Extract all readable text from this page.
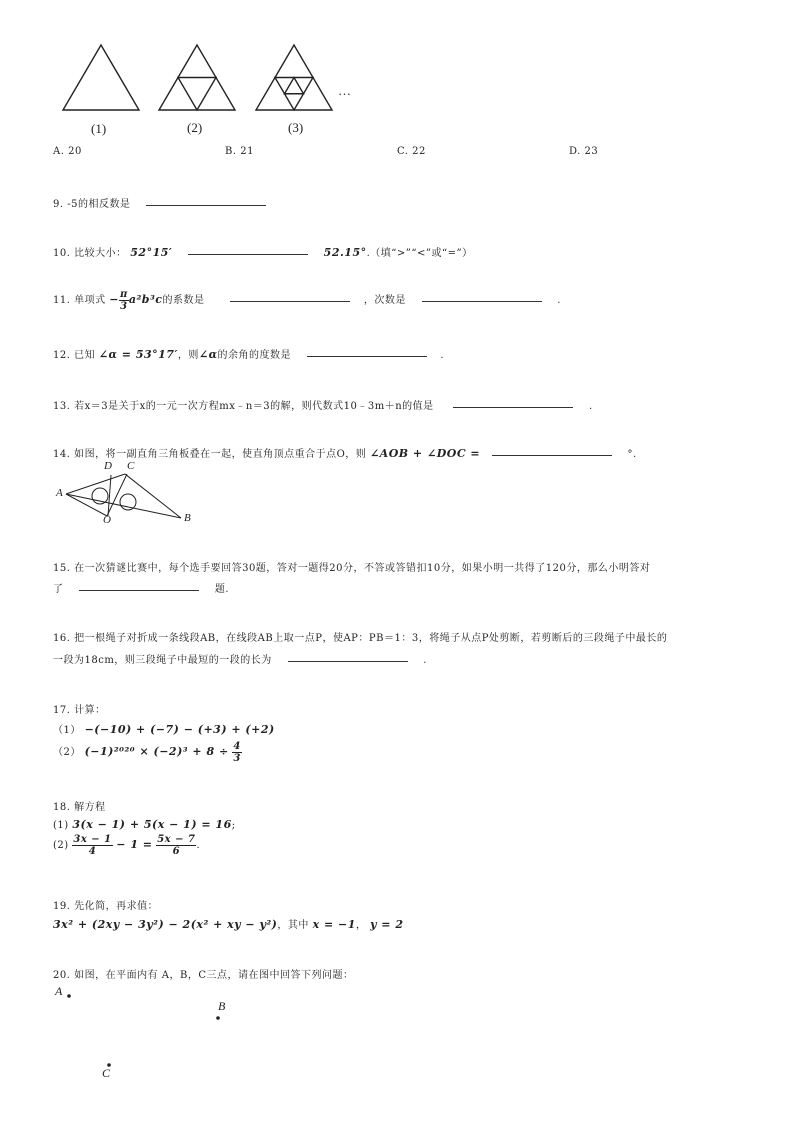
(1)	(2)	(3)
…
A. 20	B. 21	C. 22	D. 23
9. -5的相反数是
10. 比较大小： 52°15′	52.15°.（填“>”“<”或“=”）
11. 单项式 − $\frac{\pi}{3} a^2b^3c$的系数是	，次数是	.
12. 已知 ∠α = 53°17′，则∠α的余角的度数是	.
13. 若x＝3是关于x的一元一次方程mx﹣n＝3的解，则代数式10﹣3m＋n的值是	.
14. 如图，将一副直角三角板叠在一起，使直角顶点重合于点O，则 ∠AOB + ∠DOC =	°.
D C
A
O	B
15. 在一次猜谜比赛中，每个选手要回答30题，答对一题得20分，不答或答错扣10分，如果小明一共得了120分，那么小明答对
了	题.
16. 把一根绳子对折成一条线段AB，在线段AB上取一点P，使AP：PB＝1：3，将绳子从点P处剪断，若剪断后的三段绳子中最长的
一段为18cm，则三段绳子中最短的一段的长为	.
17. 计算：
（1） −(−10) + (−7) − (+3) + (+2)
（2） $(-1)^{2020} \times (-2)^3 + 8 \div \frac{4}{3}$
18. 解方程
(1) 3(x − 1) + 5(x − 1) = 16;
$(2) \frac{3x - 1}{4} - 1 = \frac{5x - 7}{6}$ .
19. 先化简，再求值：
3x² + (2xy − 3y²) − 2(x² + xy − y²)，其中 x = −1， y = 2
20. 如图，在平面内有 A，B，C三点，请在图中回答下列问题：
A
B
C
